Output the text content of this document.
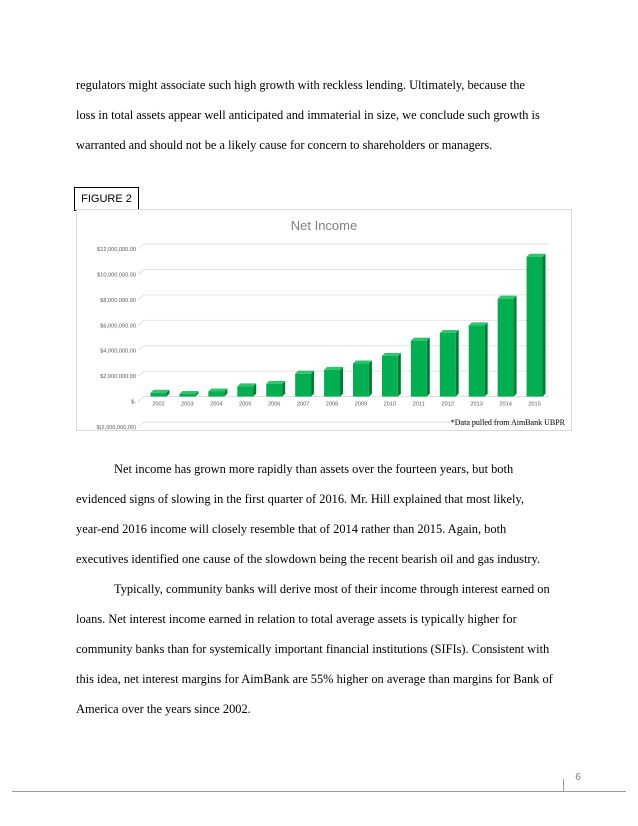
regulators might associate such high growth with reckless lending. Ultimately, because the
loss in total assets appear well anticipated and immaterial in size, we conclude such growth is
warranted and should not be a likely cause for concern to shareholders or managers.
FIGURE 2
Net Income
$(2,000,000.00)
$-
$2,000,000.00
$4,000,000.00
$6,000,000.00
$8,000,000.00
$10,000,000.00
$12,000,000.00
2002	2003	2004	2005	2006	2007	2008	2009	2010	2011	2012	2013	2014	2015
*Data pulled from AimBank UBPR
Net income has grown more rapidly than assets over the fourteen years, but both
evidenced signs of slowing in the first quarter of 2016. Mr. Hill explained that most likely,
year-end 2016 income will closely resemble that of 2014 rather than 2015. Again, both
executives identified one cause of the slowdown being the recent bearish oil and gas industry.
Typically, community banks will derive most of their income through interest earned on
loans. Net interest income earned in relation to total average assets is typically higher for
community banks than for systemically important financial institutions (SIFIs). Consistent with
this idea, net interest margins for AimBank are 55% higher on average than margins for Bank of
America over the years since 2002.
6
